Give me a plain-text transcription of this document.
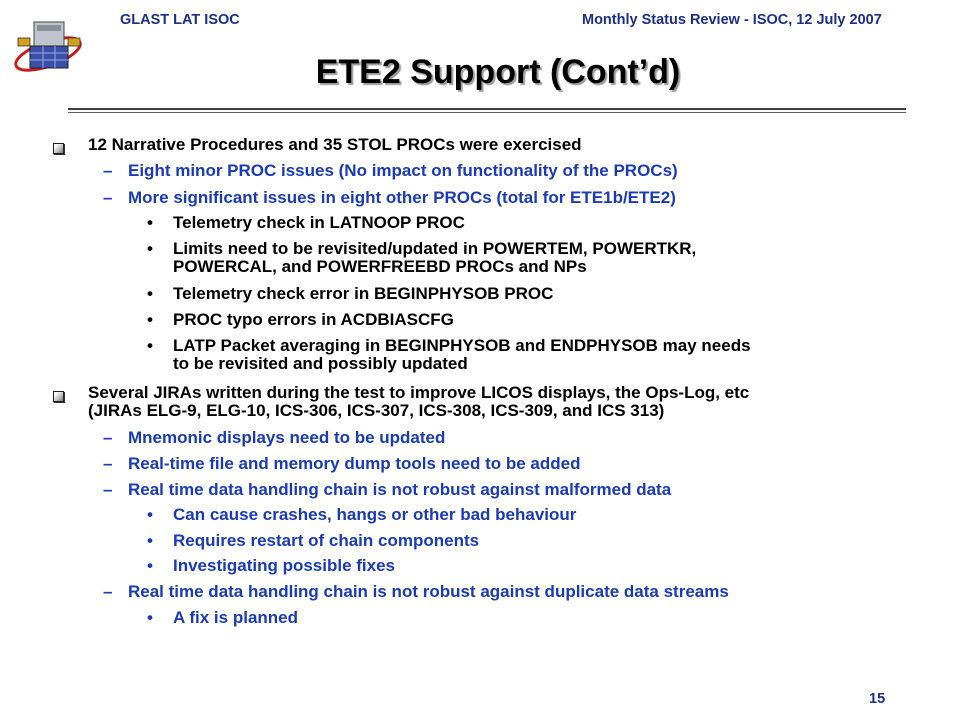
GLAST LAT ISOC	Monthly Status Review - ISOC, 12 July 2007
ETE2 Support (Cont’d)
12 Narrative Procedures and 35 STOL PROCs were exercised
– Eight minor PROC issues (No impact on functionality of the PROCs)
– More significant issues in eight other PROCs (total for ETE1b/ETE2)
• Telemetry check in LATNOOP PROC
• Limits need to be revisited/updated in POWERTEM, POWERTKR,
POWERCAL, and POWERFREEBD PROCs and NPs
• Telemetry check error in BEGINPHYSOB PROC
• PROC typo errors in ACDBIASCFG
• LATP Packet averaging in BEGINPHYSOB and ENDPHYSOB may needs
to be revisited and possibly updated
Several JIRAs written during the test to improve LICOS displays, the Ops-Log, etc
(JIRAs ELG-9, ELG-10, ICS-306, ICS-307, ICS-308, ICS-309, and ICS 313)
– Mnemonic displays need to be updated
– Real-time file and memory dump tools need to be added
– Real time data handling chain is not robust against malformed data
• Can cause crashes, hangs or other bad behaviour
• Requires restart of chain components
• Investigating possible fixes
– Real time data handling chain is not robust against duplicate data streams
• A fix is planned
15
